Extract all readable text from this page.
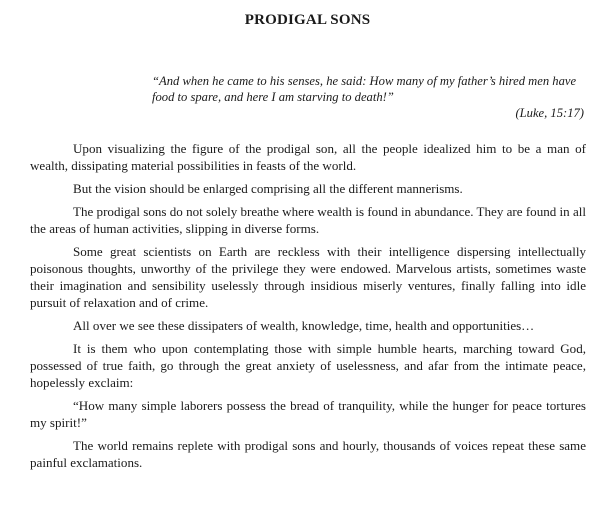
PRODIGAL SONS
“And when he came to his senses, he said: How many of my father’s hired men have food to spare, and here I am starving to death!”
(Luke, 15:17)

Upon visualizing the figure of the prodigal son, all the people idealized him to be a man of wealth, dissipating material possibilities in feasts of the world.

But the vision should be enlarged comprising all the different mannerisms.

The prodigal sons do not solely breathe where wealth is found in abundance. They are found in all the areas of human activities, slipping in diverse forms.

Some great scientists on Earth are reckless with their intelligence dispersing intellectually poisonous thoughts, unworthy of the privilege they were endowed. Marvelous artists, sometimes waste their imagination and sensibility uselessly through insidious miserly ventures, finally falling into idle pursuit of relaxation and of crime.

All over we see these dissipaters of wealth, knowledge, time, health and opportunities…

It is them who upon contemplating those with simple humble hearts, marching toward God, possessed of true faith, go through the great anxiety of uselessness, and afar from the intimate peace, hopelessly exclaim:

“How many simple laborers possess the bread of tranquility, while the hunger for peace tortures my spirit!”

The world remains replete with prodigal sons and hourly, thousands of voices repeat these same painful exclamations.
